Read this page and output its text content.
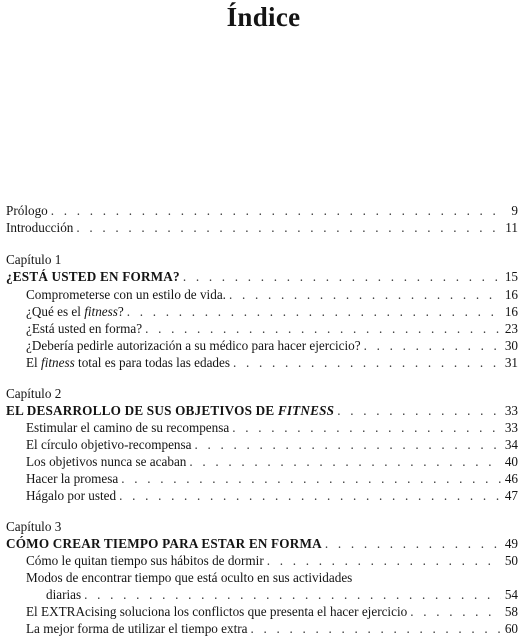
Índice
Prólogo . . .	9
Introducción . . .	11
Capítulo 1
¿ESTÁ USTED EN FORMA? . . .	15
Comprometerse con un estilo de vida. . . .	16
¿Qué es el fitness? . . .	16
¿Está usted en forma? . . .	23
¿Debería pedirle autorización a su médico para hacer ejercicio? . . .	30
El fitness total es para todas las edades . . .	31
Capítulo 2
EL DESARROLLO DE SUS OBJETIVOS DE FITNESS . . .	33
Estimular el camino de su recompensa . . .	33
El círculo objetivo-recompensa . . .	34
Los objetivos nunca se acaban . . .	40
Hacer la promesa . . .	46
Hágalo por usted . . .	47
Capítulo 3
CÓMO CREAR TIEMPO PARA ESTAR EN FORMA . . .	49
Cómo le quitan tiempo sus hábitos de dormir . . .	50
Modos de encontrar tiempo que está oculto en sus actividades
diarias . . .	54
El EXTRAcising soluciona los conflictos que presenta el hacer ejercicio . . .	58
La mejor forma de utilizar el tiempo extra . . .	60
